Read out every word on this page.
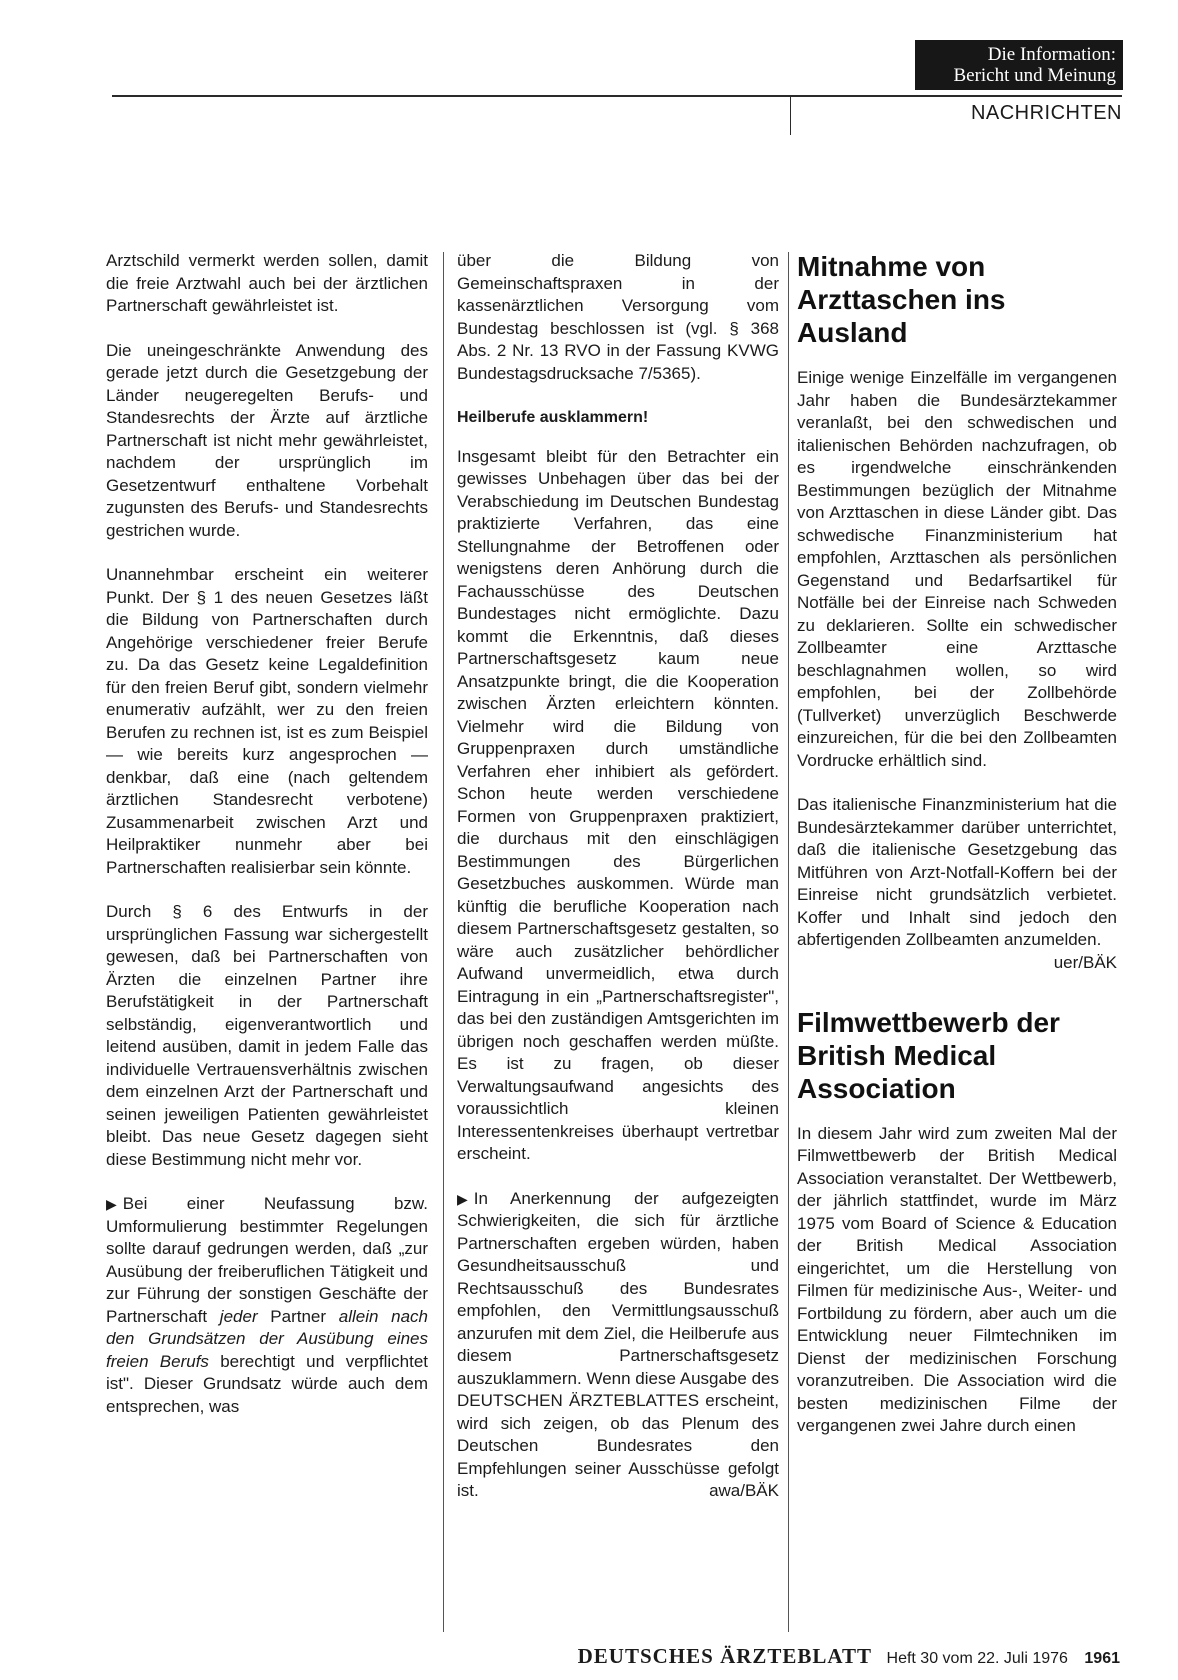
Die Information:
Bericht und Meinung
NACHRICHTEN

Arztschild vermerkt werden sollen, damit die freie Arztwahl auch bei der ärztlichen Partnerschaft gewährleistet ist.

Die uneingeschränkte Anwendung des gerade jetzt durch die Gesetzgebung der Länder neugeregelten Berufs- und Standesrechts der Ärzte auf ärztliche Partnerschaft ist nicht mehr gewährleistet, nachdem der ursprünglich im Gesetzentwurf enthaltene Vorbehalt zugunsten des Berufs- und Standesrechts gestrichen wurde.

Unannehmbar erscheint ein weiterer Punkt. Der § 1 des neuen Gesetzes läßt die Bildung von Partnerschaften durch Angehörige verschiedener freier Berufe zu. Da das Gesetz keine Legaldefinition für den freien Beruf gibt, sondern vielmehr enumerativ aufzählt, wer zu den freien Berufen zu rechnen ist, ist es zum Beispiel — wie bereits kurz angesprochen — denkbar, daß eine (nach geltendem ärztlichen Standesrecht verbotene) Zusammenarbeit zwischen Arzt und Heilpraktiker nunmehr aber bei Partnerschaften realisierbar sein könnte.

Durch § 6 des Entwurfs in der ursprünglichen Fassung war sichergestellt gewesen, daß bei Partnerschaften von Ärzten die einzelnen Partner ihre Berufstätigkeit in der Partnerschaft selbständig, eigenverantwortlich und leitend ausüben, damit in jedem Falle das individuelle Vertrauensverhältnis zwischen dem einzelnen Arzt der Partnerschaft und seinen jeweiligen Patienten gewährleistet bleibt. Das neue Gesetz dagegen sieht diese Bestimmung nicht mehr vor.

▶ Bei einer Neufassung bzw. Umformulierung bestimmter Regelungen sollte darauf gedrungen werden, daß „zur Ausübung der freiberuflichen Tätigkeit und zur Führung der sonstigen Geschäfte der Partnerschaft jeder Partner allein nach den Grundsätzen der Ausübung eines freien Berufs berechtigt und verpflichtet ist". Dieser Grundsatz würde auch dem entsprechen, was

über die Bildung von Gemeinschaftspraxen in der kassenärztlichen Versorgung vom Bundestag beschlossen ist (vgl. § 368 Abs. 2 Nr. 13 RVO in der Fassung KVWG Bundestagsdrucksache 7/5365).

Heilberufe ausklammern!

Insgesamt bleibt für den Betrachter ein gewisses Unbehagen über das bei der Verabschiedung im Deutschen Bundestag praktizierte Verfahren, das eine Stellungnahme der Betroffenen oder wenigstens deren Anhörung durch die Fachausschüsse des Deutschen Bundestages nicht ermöglichte. Dazu kommt die Erkenntnis, daß dieses Partnerschaftsgesetz kaum neue Ansatzpunkte bringt, die die Kooperation zwischen Ärzten erleichtern könnten. Vielmehr wird die Bildung von Gruppenpraxen durch umständliche Verfahren eher inhibiert als gefördert. Schon heute werden verschiedene Formen von Gruppenpraxen praktiziert, die durchaus mit den einschlägigen Bestimmungen des Bürgerlichen Gesetzbuches auskommen. Würde man künftig die berufliche Kooperation nach diesem Partnerschaftsgesetz gestalten, so wäre auch zusätzlicher behördlicher Aufwand unvermeidlich, etwa durch Eintragung in ein „Partnerschaftsregister", das bei den zuständigen Amtsgerichten im übrigen noch geschaffen werden müßte. Es ist zu fragen, ob dieser Verwaltungsaufwand angesichts des voraussichtlich kleinen Interessentenkreises überhaupt vertretbar erscheint.

▶ In Anerkennung der aufgezeigten Schwierigkeiten, die sich für ärztliche Partnerschaften ergeben würden, haben Gesundheitsausschuß und Rechtsausschuß des Bundesrates empfohlen, den Vermittlungsausschuß anzurufen mit dem Ziel, die Heilberufe aus diesem Partnerschaftsgesetz auszuklammern. Wenn diese Ausgabe des DEUTSCHEN ÄRZTEBLATTES erscheint, wird sich zeigen, ob das Plenum des Deutschen Bundesrates den Empfehlungen seiner Ausschüsse gefolgt ist.	awa/BÄK

Mitnahme von Arzttaschen ins Ausland

Einige wenige Einzelfälle im vergangenen Jahr haben die Bundesärztekammer veranlaßt, bei den schwedischen und italienischen Behörden nachzufragen, ob es irgendwelche einschränkenden Bestimmungen bezüglich der Mitnahme von Arzttaschen in diese Länder gibt. Das schwedische Finanzministerium hat empfohlen, Arzttaschen als persönlichen Gegenstand und Bedarfsartikel für Notfälle bei der Einreise nach Schweden zu deklarieren. Sollte ein schwedischer Zollbeamter eine Arzttasche beschlagnahmen wollen, so wird empfohlen, bei der Zollbehörde (Tullverket) unverzüglich Beschwerde einzureichen, für die bei den Zollbeamten Vordrucke erhältlich sind.

Das italienische Finanzministerium hat die Bundesärztekammer darüber unterrichtet, daß die italienische Gesetzgebung das Mitführen von Arzt-Notfall-Koffern bei der Einreise nicht grundsätzlich verbietet. Koffer und Inhalt sind jedoch den abfertigenden Zollbeamten anzumelden.
uer/BÄK

Filmwettbewerb der British Medical Association

In diesem Jahr wird zum zweiten Mal der Filmwettbewerb der British Medical Association veranstaltet. Der Wettbewerb, der jährlich stattfindet, wurde im März 1975 vom Board of Science & Education der British Medical Association eingerichtet, um die Herstellung von Filmen für medizinische Aus-, Weiter- und Fortbildung zu fördern, aber auch um die Entwicklung neuer Filmtechniken im Dienst der medizinischen Forschung voranzutreiben. Die Association wird die besten medizinischen Filme der vergangenen zwei Jahre durch einen

DEUTSCHES ÄRZTEBLATT Heft 30 vom 22. Juli 1976 1961
